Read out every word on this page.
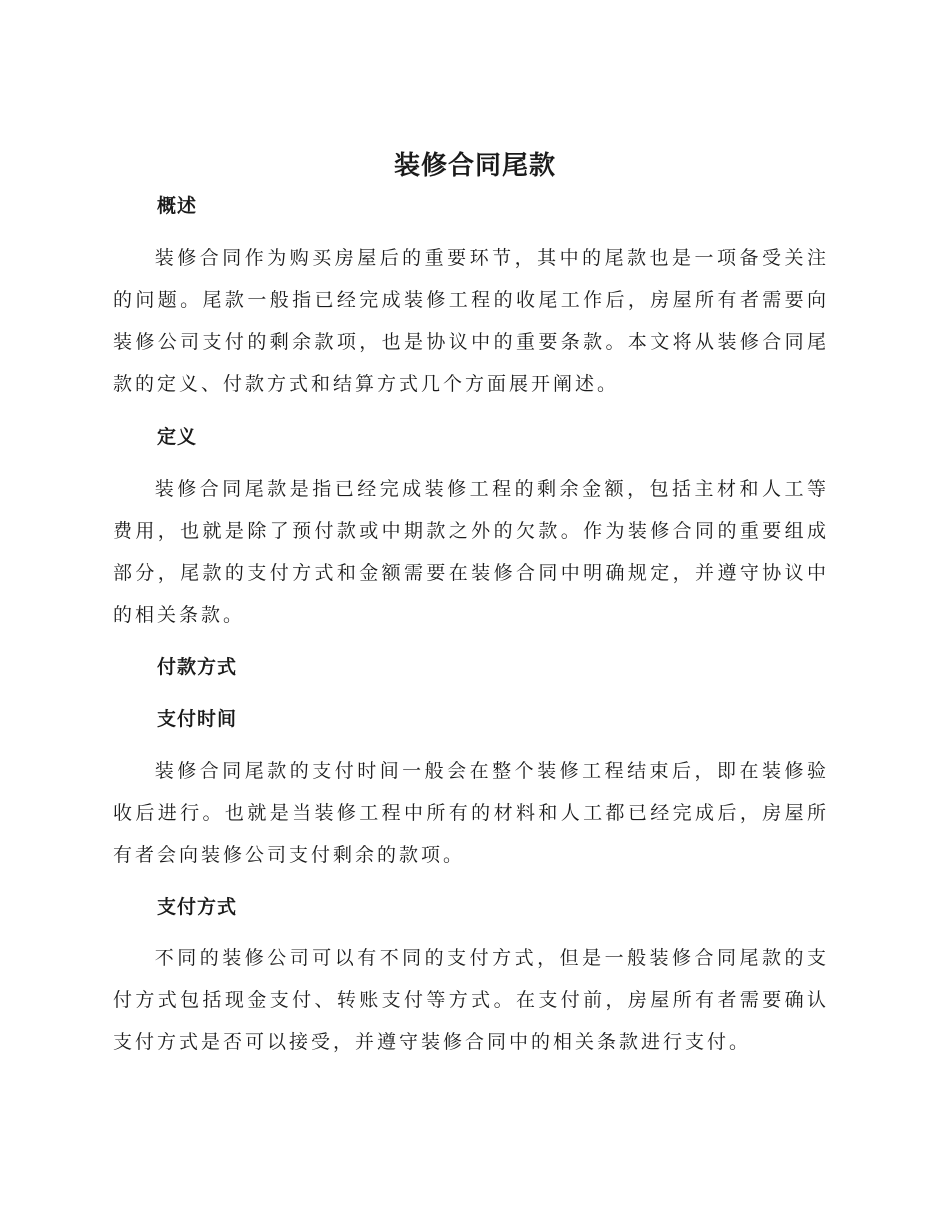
装修合同尾款
概述

装修合同作为购买房屋后的重要环节，其中的尾款也是一项备受关注的问题。尾款一般指已经完成装修工程的收尾工作后，房屋所有者需要向装修公司支付的剩余款项，也是协议中的重要条款。本文将从装修合同尾款的定义、付款方式和结算方式几个方面展开阐述。

定义

装修合同尾款是指已经完成装修工程的剩余金额，包括主材和人工等费用，也就是除了预付款或中期款之外的欠款。作为装修合同的重要组成部分，尾款的支付方式和金额需要在装修合同中明确规定，并遵守协议中的相关条款。

付款方式
支付时间

装修合同尾款的支付时间一般会在整个装修工程结束后，即在装修验收后进行。也就是当装修工程中所有的材料和人工都已经完成后，房屋所有者会向装修公司支付剩余的款项。

支付方式

不同的装修公司可以有不同的支付方式，但是一般装修合同尾款的支付方式包括现金支付、转账支付等方式。在支付前，房屋所有者需要确认支付方式是否可以接受，并遵守装修合同中的相关条款进行支付。
